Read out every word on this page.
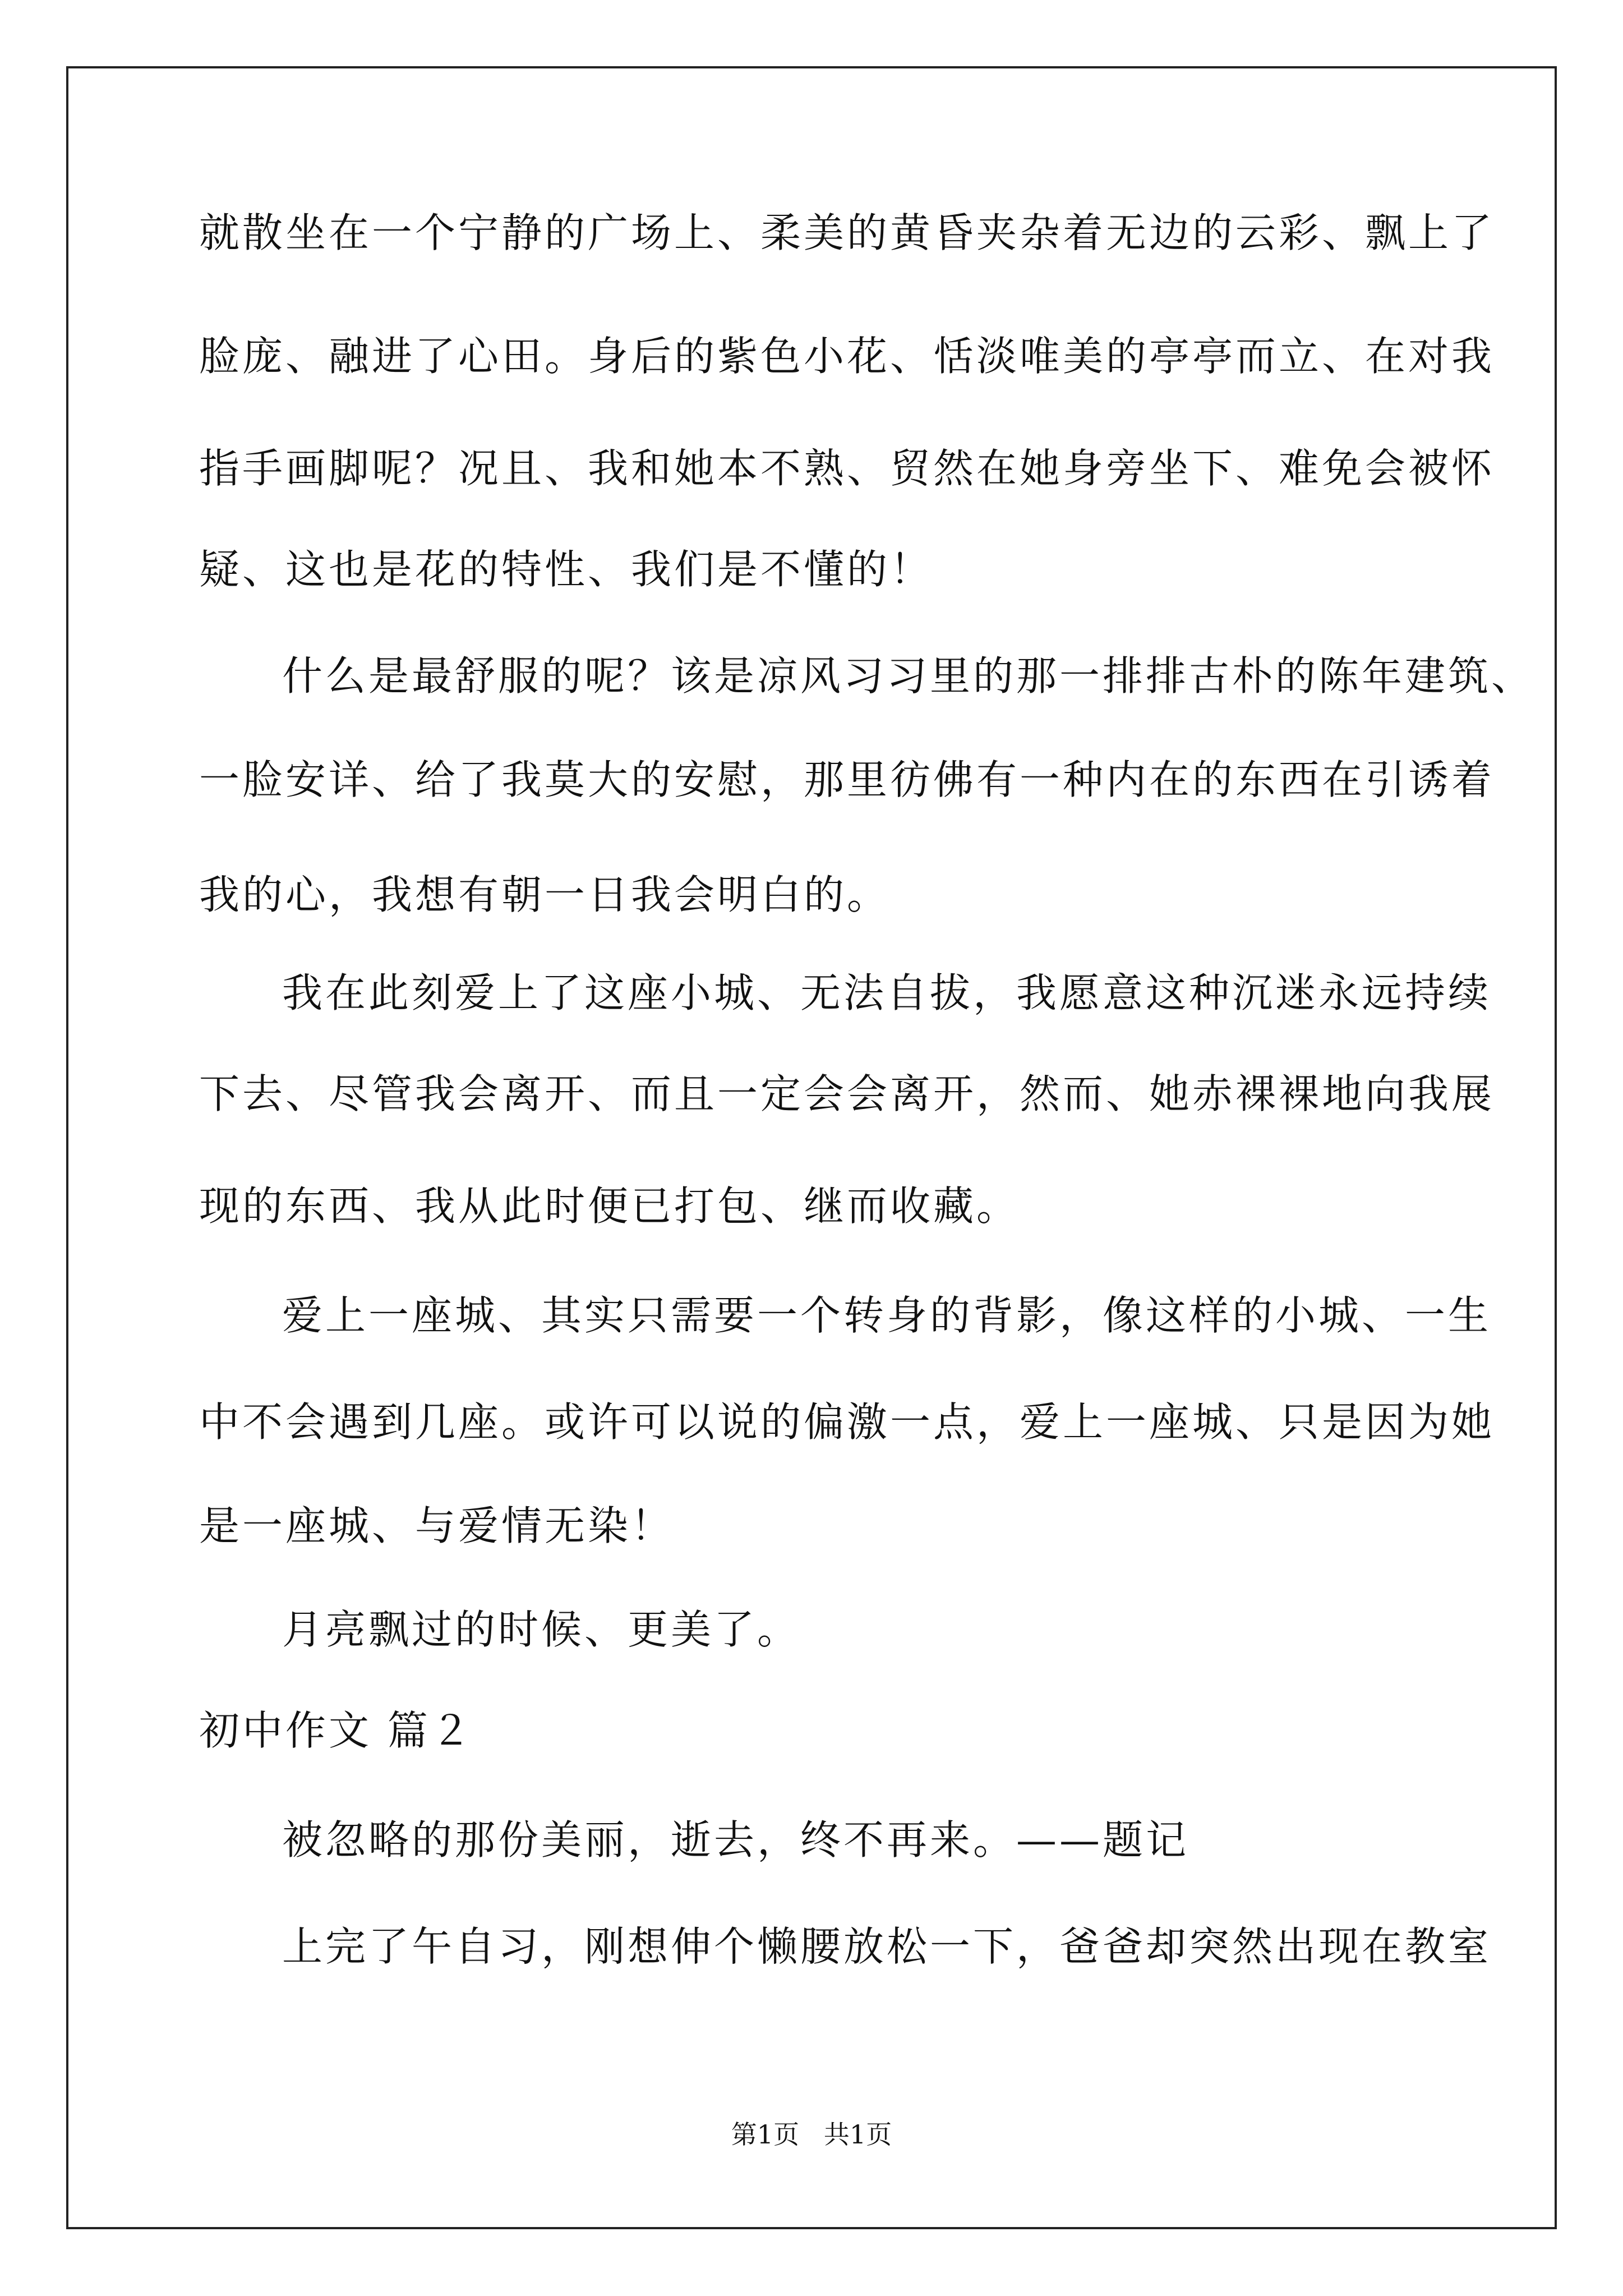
就散坐在一个宁静的广场上、柔美的黄昏夹杂着无边的云彩、飘上了
脸庞、融进了心田。身后的紫色小花、恬淡唯美的亭亭而立、在对我
指手画脚呢？况且、我和她本不熟、贸然在她身旁坐下、难免会被怀
疑、这也是花的特性、我们是不懂的！
什么是最舒服的呢？该是凉风习习里的那一排排古朴的陈年建筑、
一脸安详、给了我莫大的安慰，那里彷佛有一种内在的东西在引诱着
我的心，我想有朝一日我会明白的。
我在此刻爱上了这座小城、无法自拔，我愿意这种沉迷永远持续
下去、尽管我会离开、而且一定会会离开，然而、她赤裸裸地向我展
现的东西、我从此时便已打包、继而收藏。
爱上一座城、其实只需要一个转身的背影，像这样的小城、一生
中不会遇到几座。或许可以说的偏激一点，爱上一座城、只是因为她
是一座城、与爱情无染！
月亮飘过的时候、更美了。
初中作文 篇２
被忽略的那份美丽，逝去，终不再来。——题记
上完了午自习，刚想伸个懒腰放松一下，爸爸却突然出现在教室
第1页   共1页
